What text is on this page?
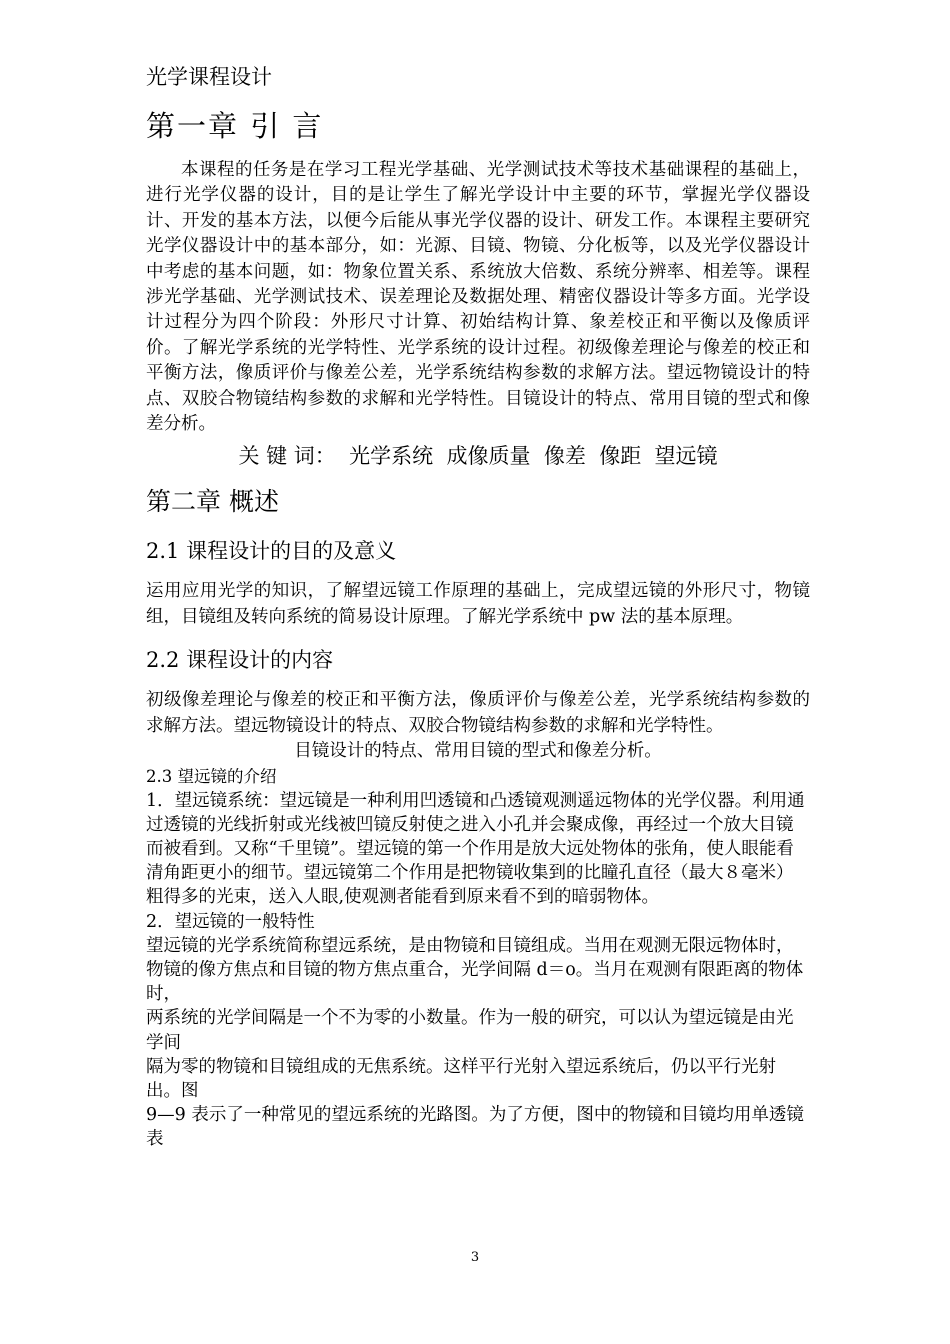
光学课程设计
第一章 引 言

本课程的任务是在学习工程光学基础、光学测试技术等技术基础课程的基础上，进行光学仪器的设计，目的是让学生了解光学设计中主要的环节，掌握光学仪器设计、开发的基本方法，以便今后能从事光学仪器的设计、研发工作。本课程主要研究光学仪器设计中的基本部分，如：光源、目镜、物镜、分化板等，以及光学仪器设计中考虑的基本问题，如：物象位置关系、系统放大倍数、系统分辨率、相差等。课程涉光学基础、光学测试技术、误差理论及数据处理、精密仪器设计等多方面。光学设计过程分为四个阶段：外形尺寸计算、初始结构计算、象差校正和平衡以及像质评价。了解光学系统的光学特性、光学系统的设计过程。初级像差理论与像差的校正和平衡方法，像质评价与像差公差，光学系统结构参数的求解方法。望远物镜设计的特点、双胶合物镜结构参数的求解和光学特性。目镜设计的特点、常用目镜的型式和像差分析。

关 键 词：  光学系统  成像质量  像差  像距  望远镜
第二章 概述
2.1 课程设计的目的及意义

运用应用光学的知识，了解望远镜工作原理的基础上，完成望远镜的外形尺寸，物镜组，目镜组及转向系统的简易设计原理。了解光学系统中 pw 法的基本原理。

2.2 课程设计的内容

初级像差理论与像差的校正和平衡方法，像质评价与像差公差，光学系统结构参数的求解方法。望远物镜设计的特点、双胶合物镜结构参数的求解和光学特性。

目镜设计的特点、常用目镜的型式和像差分析。

2.3 望远镜的介绍

1．望远镜系统：望远镜是一种利用凹透镜和凸透镜观测遥远物体的光学仪器。利用通过透镜的光线折射或光线被凹镜反射使之进入小孔并会聚成像，再经过一个放大目镜而被看到。又称“千里镜”。望远镜的第一个作用是放大远处物体的张角，使人眼能看清角距更小的细节。望远镜第二个作用是把物镜收集到的比瞳孔直径（最大８毫米）粗得多的光束，送入人眼,使观测者能看到原来看不到的暗弱物体。

2．望远镜的一般特性

望远镜的光学系统简称望远系统，是由物镜和目镜组成。当用在观测无限远物体时，

物镜的像方焦点和目镜的物方焦点重合，光学间隔 d＝o。当月在观测有限距离的物体时，

两系统的光学间隔是一个不为零的小数量。作为一般的研究，可以认为望远镜是由光学间

隔为零的物镜和目镜组成的无焦系统。这样平行光射入望远系统后，仍以平行光射出。图

9—9 表示了一种常见的望远系统的光路图。为了方便，图中的物镜和目镜均用单透镜表

3
